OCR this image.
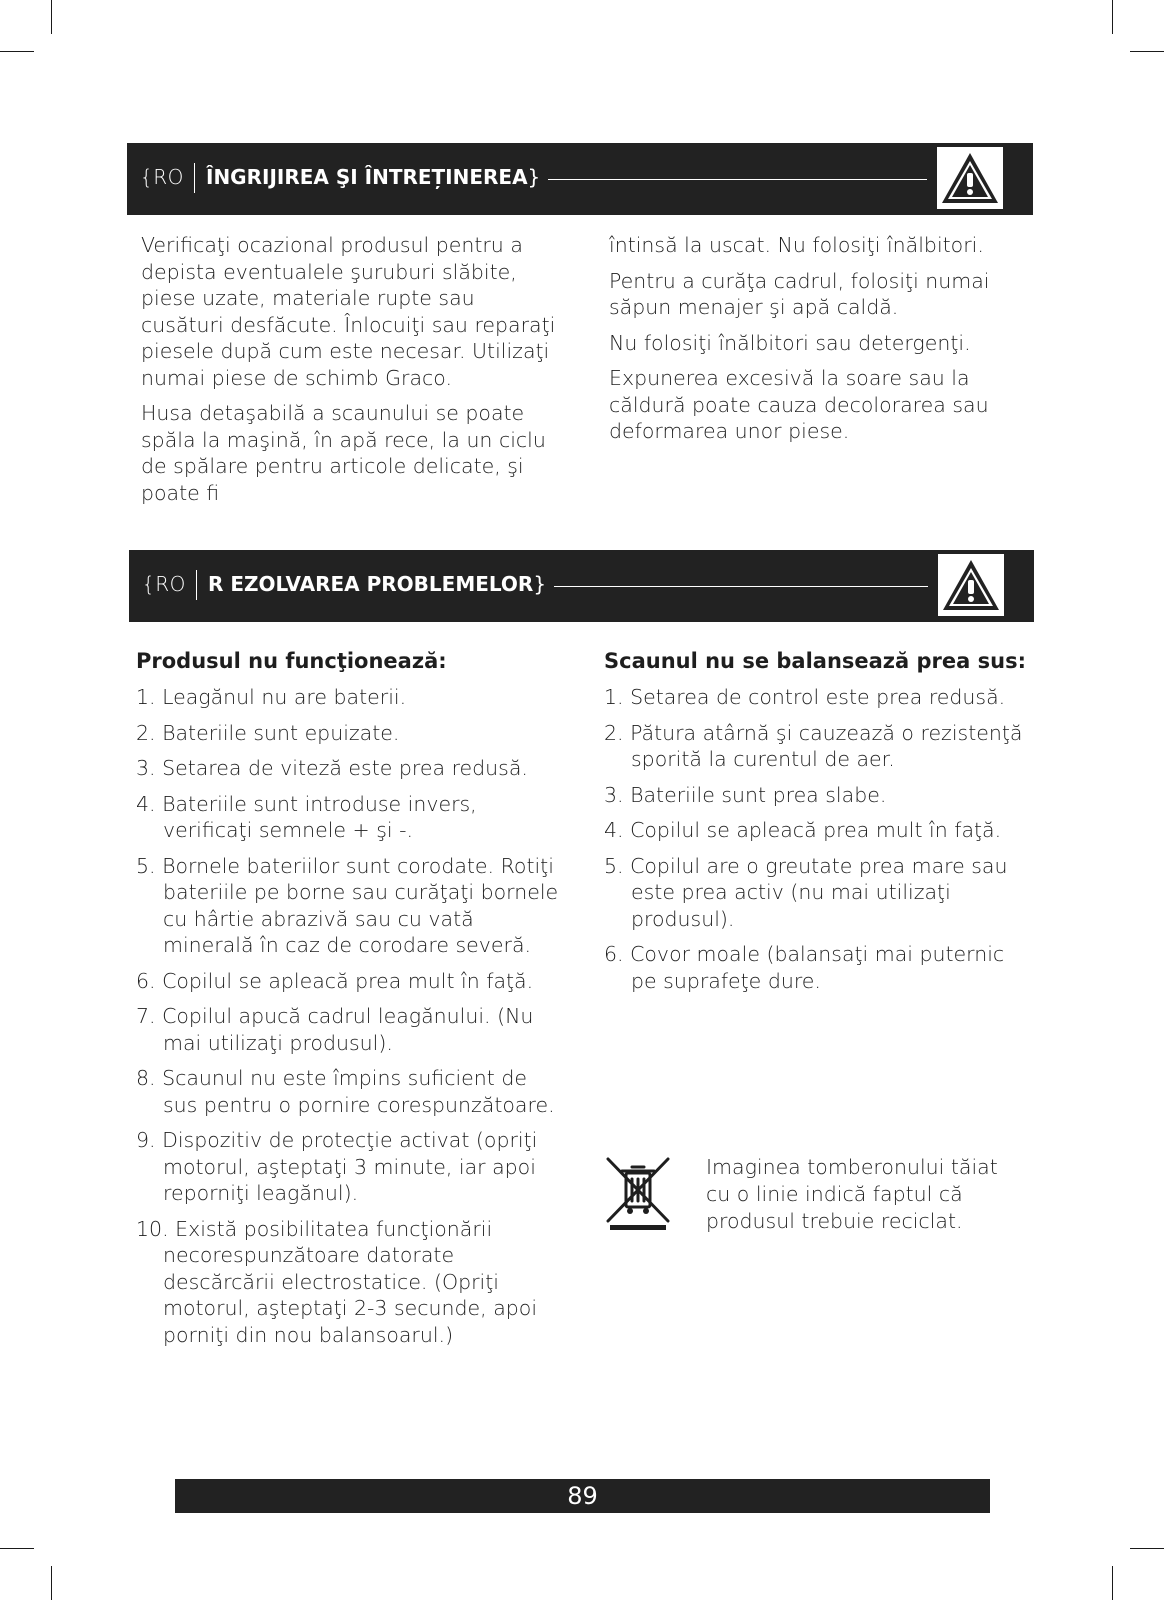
{RO ÎNGRIJIREA ŞI ÎNTREȚINEREA}

Verificaţi ocazional produsul pentru a depista eventualele şuruburi slăbite, piese uzate, materiale rupte sau cusături desfăcute. Înlocuiţi sau reparaţi piesele după cum este necesar. Utilizaţi numai piese de schimb Graco.

Husa detaşabilă a scaunului se poate spăla la maşină, în apă rece, la un ciclu de spălare pentru articole delicate, şi poate fi

întinsă la uscat. Nu folosiţi înălbitori.

Pentru a curăţa cadrul, folosiţi numai săpun menajer şi apă caldă.

Nu folosiţi înălbitori sau detergenţi.

Expunerea excesivă la soare sau la căldură poate cauza decolorarea sau deformarea unor piese.

{RO R EZOLVAREA PROBLEMELOR}
Produsul nu funcţionează:
1. Leagănul nu are baterii.
2. Bateriile sunt epuizate.
3. Setarea de viteză este prea redusă.
4. Bateriile sunt introduse invers, verificaţi semnele + şi -.
5. Bornele bateriilor sunt corodate. Rotiţi bateriile pe borne sau curăţaţi bornele cu hârtie abrazivă sau cu vată minerală în caz de corodare severă.
6. Copilul se apleacă prea mult în faţă.
7. Copilul apucă cadrul leagănului. (Nu mai utilizaţi produsul).
8. Scaunul nu este împins suficient de sus pentru o pornire corespunzătoare.
9. Dispozitiv de protecţie activat (opriţi motorul, aşteptaţi 3 minute, iar apoi reporniţi leagănul).
10. Există posibilitatea funcţionării necorespunzătoare datorate descărcării electrostatice. (Opriţi motorul, aşteptaţi 2-3 secunde, apoi porniţi din nou balansoarul.)
Scaunul nu se balansează prea sus:
1. Setarea de control este prea redusă.
2. Pătura atârnă şi cauzează o rezistenţă sporită la curentul de aer.
3. Bateriile sunt prea slabe.
4. Copilul se apleacă prea mult în faţă.
5. Copilul are o greutate prea mare sau este prea activ (nu mai utilizaţi produsul).
6. Covor moale (balansaţi mai puternic pe suprafeţe dure.
Imaginea tomberonului tăiat cu o linie indică faptul că produsul trebuie reciclat.
89
